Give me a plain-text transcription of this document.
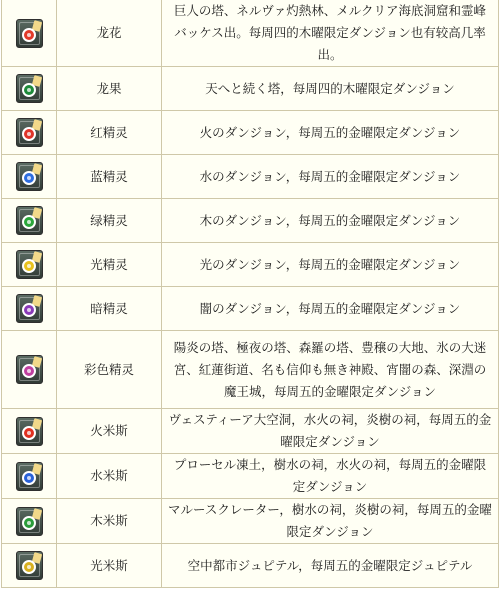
	龙花	巨人の塔、ネルヴァ灼熱林、メルクリア海底洞窟和霊峰バッケス出。每周四的木曜限定ダンジョン也有较高几率出。

	龙果	天へと続く塔，每周四的木曜限定ダンジョン

	红精灵	火のダンジョン，每周五的金曜限定ダンジョン

	蓝精灵	水のダンジョン，每周五的金曜限定ダンジョン

	绿精灵	木のダンジョン，每周五的金曜限定ダンジョン

	光精灵	光のダンジョン，每周五的金曜限定ダンジョン

	暗精灵	闇のダンジョン，每周五的金曜限定ダンジョン

	彩色精灵	陽炎の塔、極夜の塔、森羅の塔、豊穣の大地、氷の大迷宮、紅蓮街道、名も信仰も無き神殿、宵闇の森、深淵の魔王城，每周五的金曜限定ダンジョン

	火米斯	ヴェスティーア大空洞，水火の祠，炎樹の祠，每周五的金曜限定ダンジョン

	水米斯	プローセル凍土，樹水の祠，水火の祠，每周五的金曜限定ダンジョン

	木米斯	マルースクレーター，樹水の祠，炎樹の祠，每周五的金曜限定ダンジョン

	光米斯	空中都市ジュピテル，每周五的金曜限定ジュピテル
